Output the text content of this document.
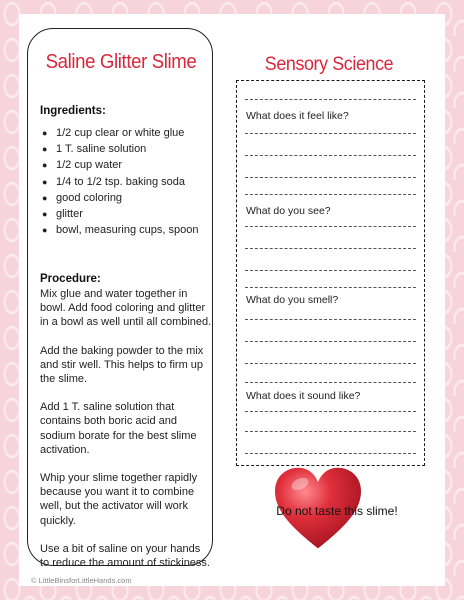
Saline Glitter Slime
Ingredients:
● 1/2 cup clear or white glue
● 1 T. saline solution
● 1/2 cup water
● 1/4 to 1/2 tsp. baking soda
● good coloring
● glitter
● bowl, measuring cups, spoon
Procedure:

Mix glue and water together in bowl. Add food coloring and glitter in a bowl as well until all combined.

Add the baking powder to the mix and stir well. This helps to firm up the slime.

Add 1 T. saline solution that contains both boric acid and sodium borate for the best slime activation.

Whip your slime together rapidly because you want it to combine well, but the activator will work quickly.

Use a bit of saline on your hands to reduce the amount of stickiness.

Sensory Science
What does it feel like?
What do you see?
What do you smell?
What does it sound like?
Do not taste this slime!
© LittleBinsforLittleHands.com
